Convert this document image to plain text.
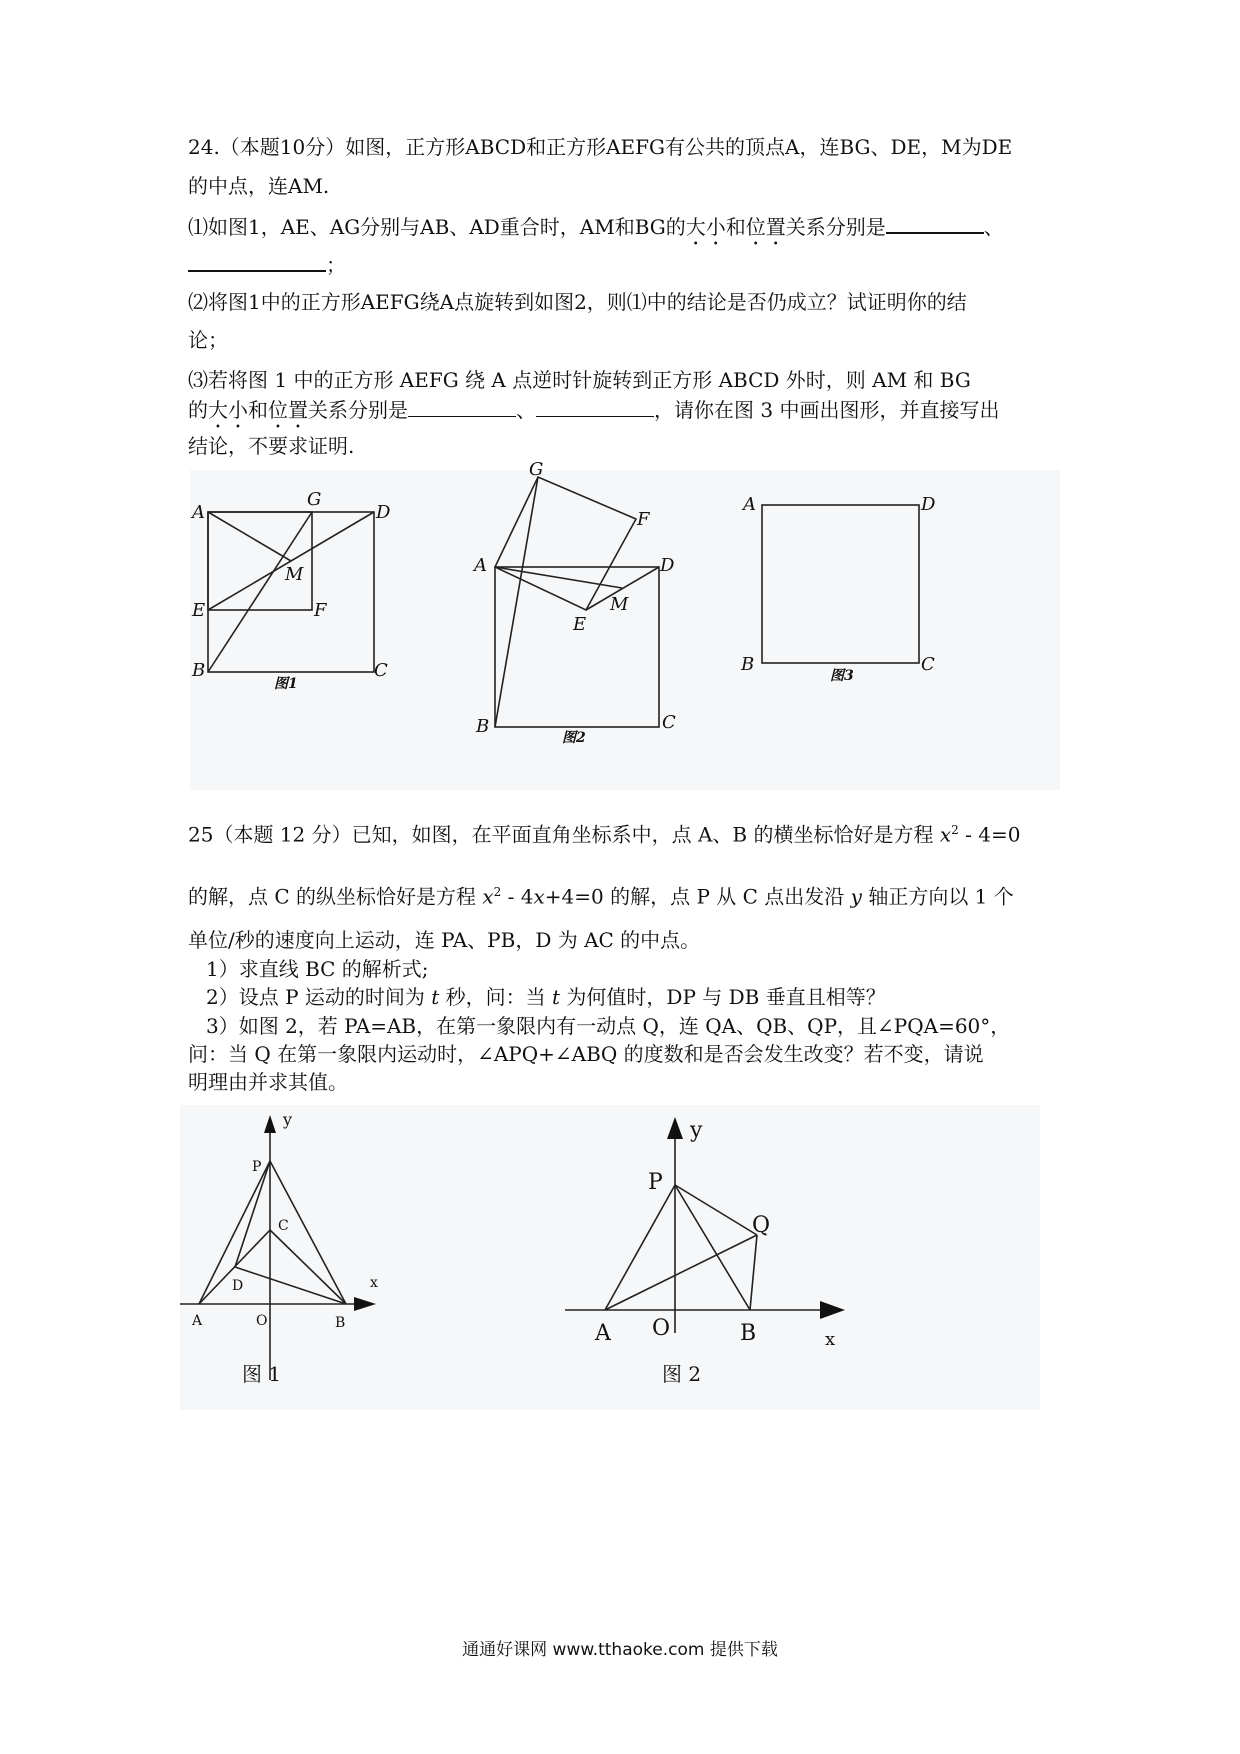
24.（本题10分）如图，正方形ABCD和正方形AEFG有公共的顶点A，连BG、DE，M为DE
的中点，连AM.
⑴如图1，AE、AG分别与AB、AD重合时，AM和BG的大小和位置关系分别是	、
；
⑵将图1中的正方形AEFG绕A点旋转到如图2，则⑴中的结论是否仍成立？试证明你的结
论；
⑶若将图 1 中的正方形 AEFG 绕 A 点逆时针旋转到正方形 ABCD 外时，则 AM 和 BG
的大小和位置关系分别是	、	，请你在图 3 中画出图形，并直接写出
结论，不要求证明.
A
G
D
M
E	F
B	C
图1
G
F
A	D
M
E
B	C
图2
A	D
B	C
图3
25（本题 12 分）已知，如图，在平面直角坐标系中，点 A、B 的横坐标恰好是方程 $x^2 - 4=0$
的解，点 C 的纵坐标恰好是方程 $x^2 - 4x+4=0$ 的解，点 P 从 C 点出发沿 y 轴正方向以 1 个
单位/秒的速度向上运动，连 PA、PB，D 为 AC 的中点。
1）求直线 BC 的解析式;
2）设点 P 运动的时间为 t 秒，问：当 t 为何值时，DP 与 DB 垂直且相等？
3）如图 2，若 PA=AB，在第一象限内有一动点 Q，连 QA、QB、QP，且∠PQA=60°，
问：当 Q 在第一象限内运动时，∠APQ+∠ABQ 的度数和是否会发生改变？若不变，请说
明理由并求其值。
y
x
P
C
D
A	O	B
图 1
y
x
P
Q
A O	B
图 2
通通好课网 www.tthaoke.com 提供下载
